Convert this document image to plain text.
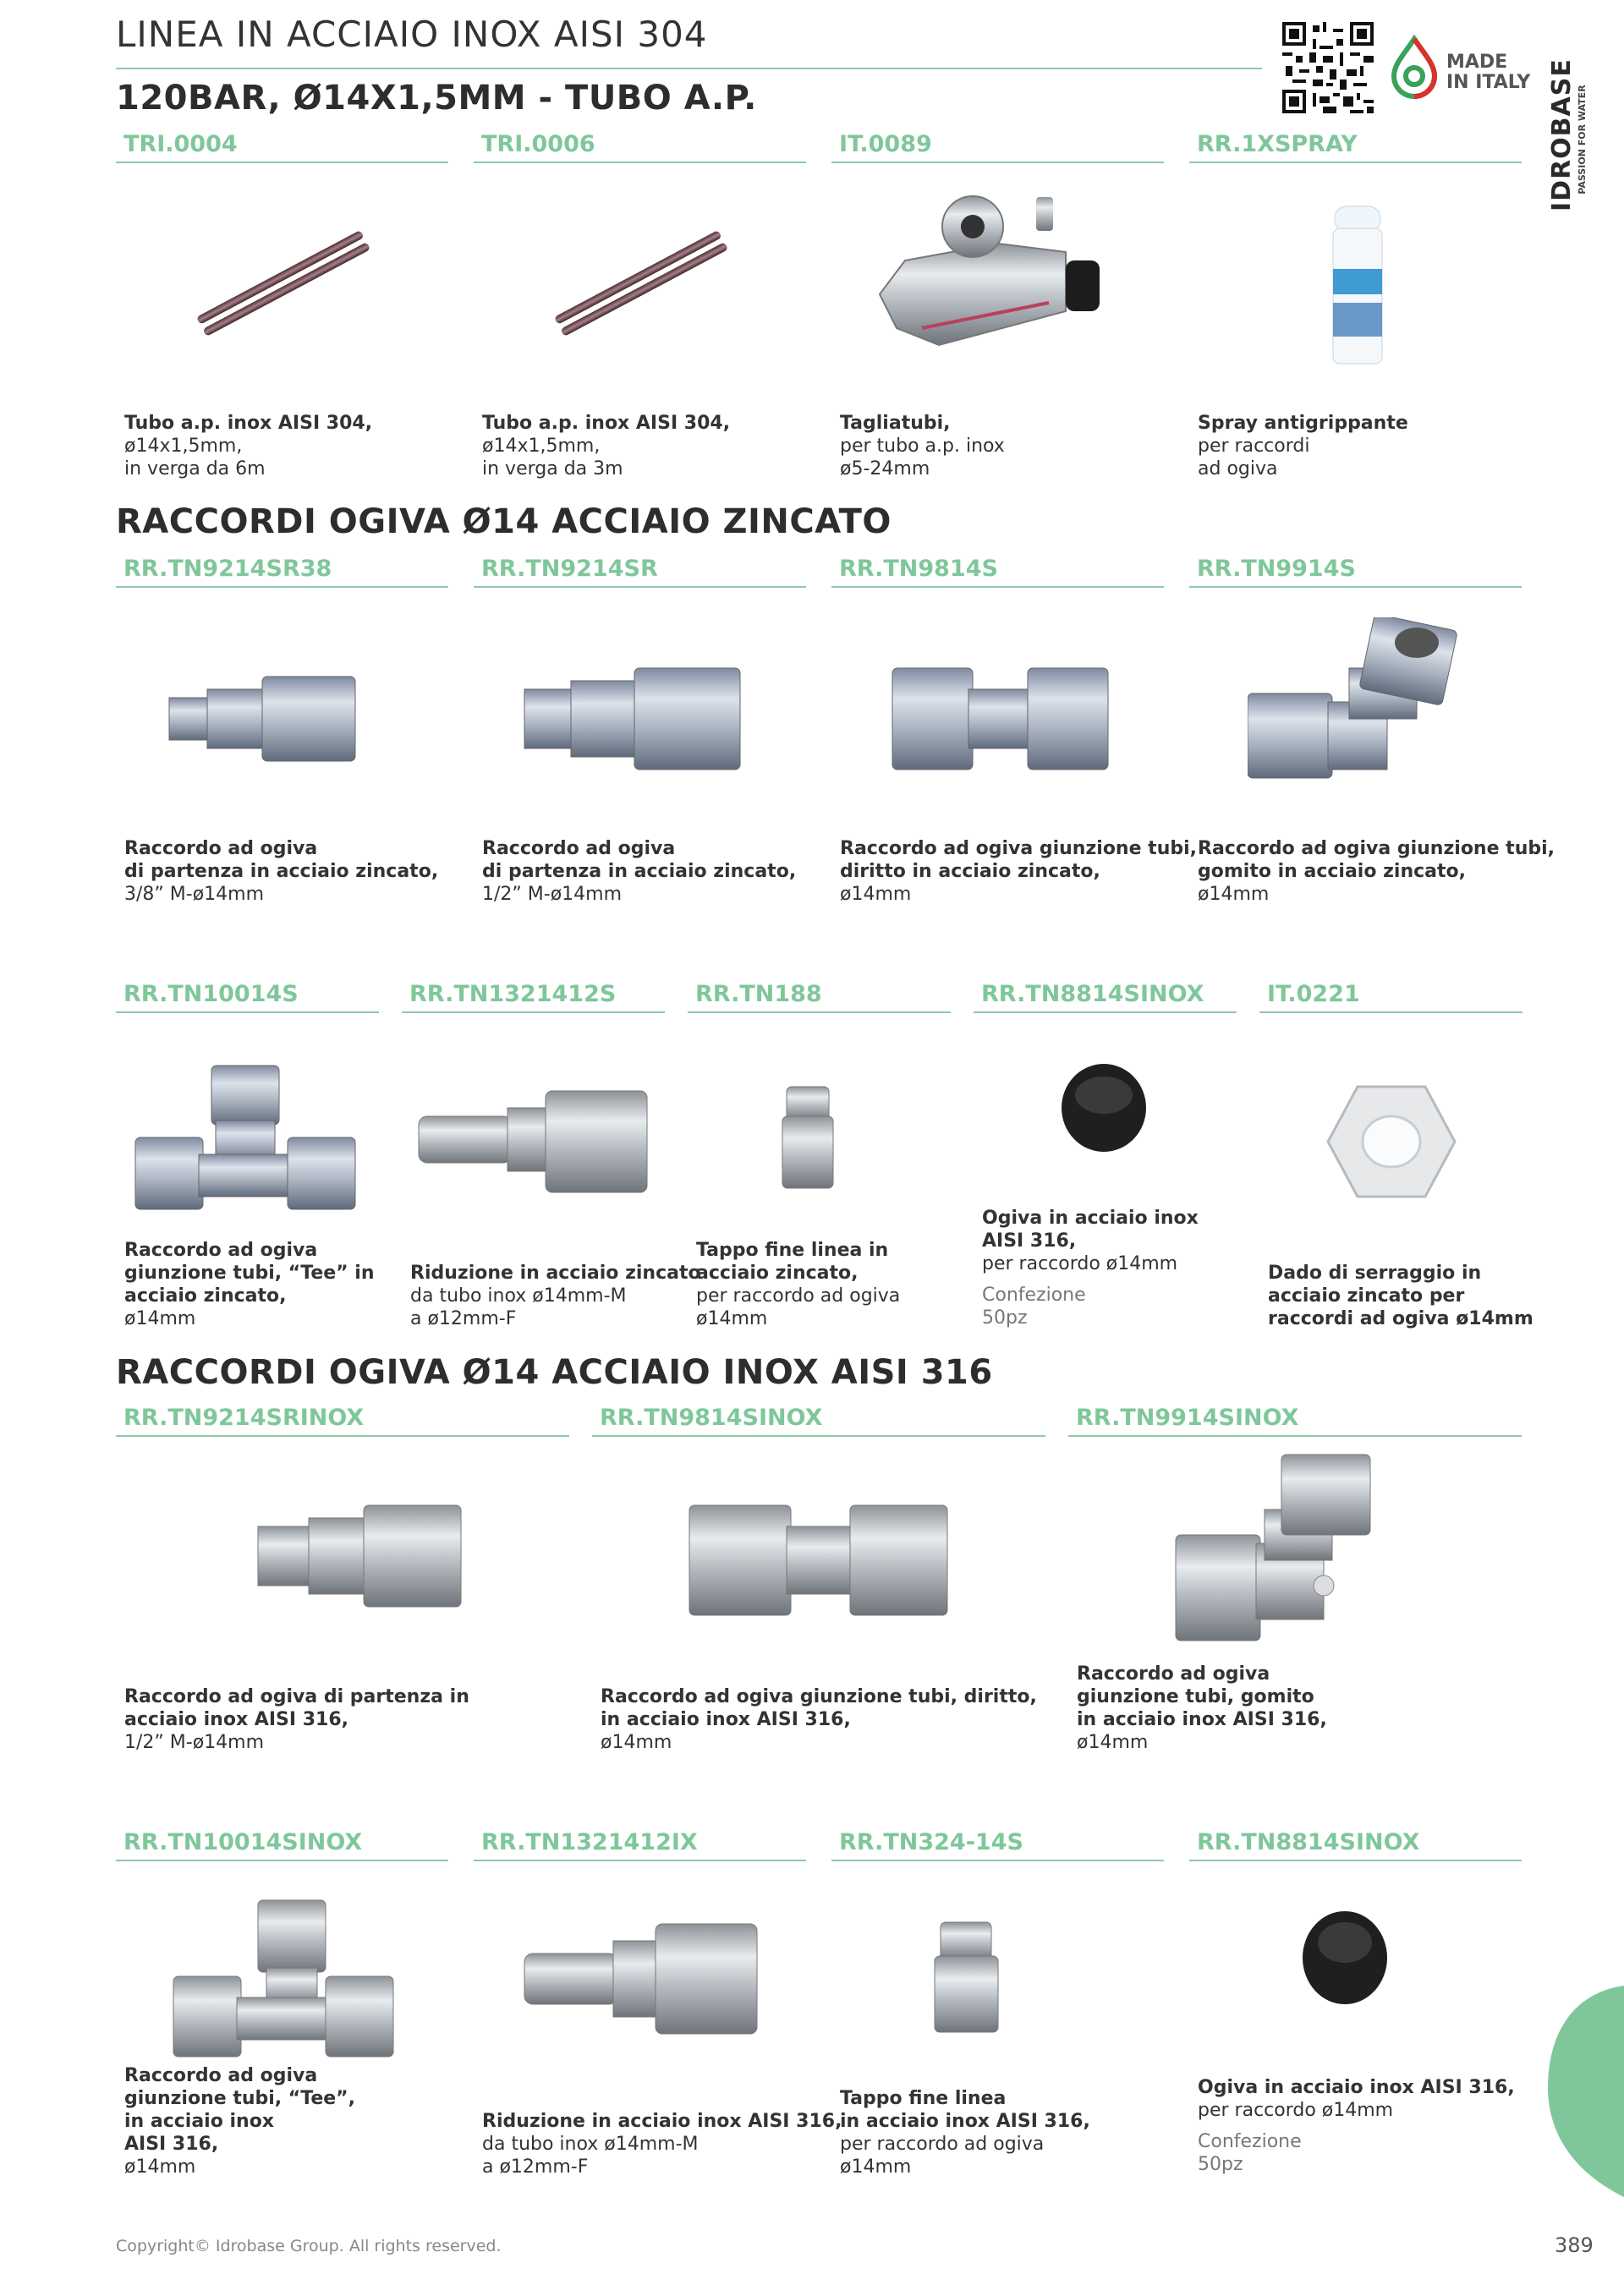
LINEA IN ACCIAIO INOX AISI 304
MADE
IN ITALY IDROBASE PASSION FOR WATER
120BAR, Ø14X1,5MM - TUBO A.P.
TRI.0004
Tubo a.p. inox AISI 304,
ø14x1,5mm,
in verga da 6m
TRI.0006
Tubo a.p. inox AISI 304,
ø14x1,5mm,
in verga da 3m
IT.0089
Tagliatubi,
per tubo a.p. inox
ø5-24mm
RR.1XSPRAY
Spray antigrippante
per raccordi
ad ogiva
RACCORDI OGIVA Ø14 ACCIAIO ZINCATO
RR.TN9214SR38
Raccordo ad ogiva
di partenza in acciaio zincato,
3/8” M-ø14mm
RR.TN9214SR
Raccordo ad ogiva
di partenza in acciaio zincato,
1/2” M-ø14mm
RR.TN9814S
Raccordo ad ogiva giunzione tubi,
diritto in acciaio zincato,
ø14mm
RR.TN9914S
Raccordo ad ogiva giunzione tubi,
gomito in acciaio zincato,
ø14mm
RR.TN10014S
Raccordo ad ogiva
giunzione tubi, “Tee” in
acciaio zincato,
ø14mm
RR.TN1321412S
Riduzione in acciaio zincato
da tubo inox ø14mm-M
a ø12mm-F
RR.TN188
Tappo fine linea in
acciaio zincato,
per raccordo ad ogiva
ø14mm
RR.TN8814SINOX
Ogiva in acciaio inox
AISI 316,
per raccordo ø14mm
Confezione
50pz
IT.0221
Dado di serraggio in
acciaio zincato per
raccordi ad ogiva ø14mm
RACCORDI OGIVA Ø14 ACCIAIO INOX AISI 316
RR.TN9214SRINOX
Raccordo ad ogiva di partenza in
acciaio inox AISI 316,
1/2” M-ø14mm
RR.TN9814SINOX
Raccordo ad ogiva giunzione tubi, diritto,
in acciaio inox AISI 316,
ø14mm
RR.TN9914SINOX
Raccordo ad ogiva
giunzione tubi, gomito
in acciaio inox AISI 316,
ø14mm
RR.TN10014SINOX
Raccordo ad ogiva
giunzione tubi, “Tee”,
in acciaio inox
AISI 316,
ø14mm
RR.TN1321412IX
Riduzione in acciaio inox AISI 316,
da tubo inox ø14mm-M
a ø12mm-F
RR.TN324-14S
Tappo fine linea
in acciaio inox AISI 316,
per raccordo ad ogiva
ø14mm
RR.TN8814SINOX
Ogiva in acciaio inox AISI 316,
per raccordo ø14mm
Confezione
50pz
Copyright© Idrobase Group. All rights reserved.	389
